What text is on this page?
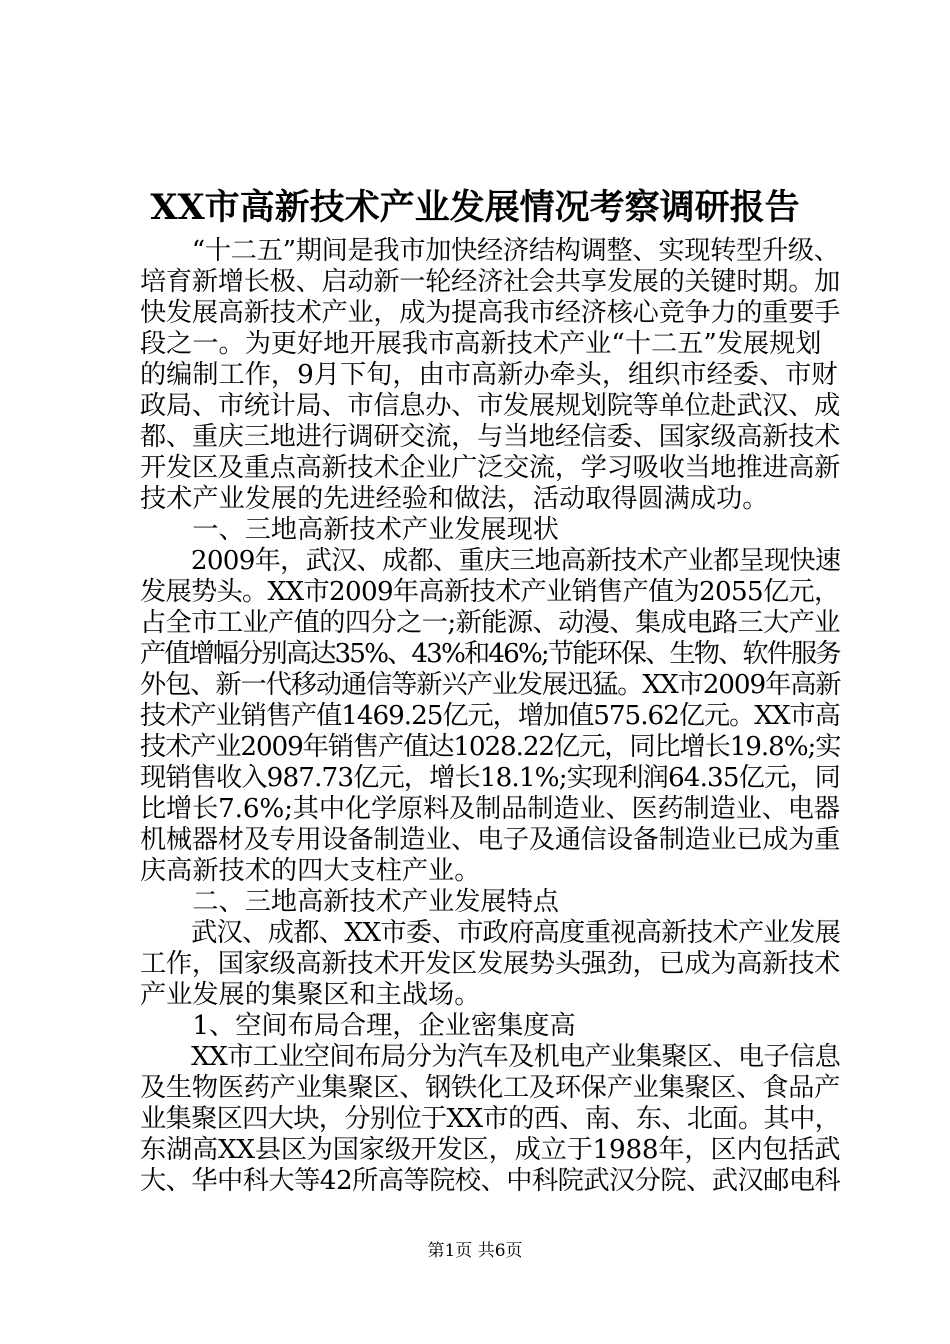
XX市高新技术产业发展情况考察调研报告
　　“十二五”期间是我市加快经济结构调整、实现转型升级、
培育新增长极、启动新一轮经济社会共享发展的关键时期。加
快发展高新技术产业，成为提高我市经济核心竞争力的重要手
段之一。为更好地开展我市高新技术产业“十二五”发展规划
的编制工作，9月下旬，由市高新办牵头，组织市经委、市财
政局、市统计局、市信息办、市发展规划院等单位赴武汉、成
都、重庆三地进行调研交流，与当地经信委、国家级高新技术
开发区及重点高新技术企业广泛交流，学习吸收当地推进高新
技术产业发展的先进经验和做法，活动取得圆满成功。
　　一、三地高新技术产业发展现状
　　2009年，武汉、成都、重庆三地高新技术产业都呈现快速
发展势头。XX市2009年高新技术产业销售产值为2055亿元，
占全市工业产值的四分之一;新能源、动漫、集成电路三大产业
产值增幅分别高达35%、43%和46%;节能环保、生物、软件服务
外包、新一代移动通信等新兴产业发展迅猛。XX市2009年高新
技术产业销售产值1469.25亿元，增加值575.62亿元。XX市高
技术产业2009年销售产值达1028.22亿元，同比增长19.8%;实
现销售收入987.73亿元，增长18.1%;实现利润64.35亿元，同
比增长7.6%;其中化学原料及制品制造业、医药制造业、电器
机械器材及专用设备制造业、电子及通信设备制造业已成为重
庆高新技术的四大支柱产业。
　　二、三地高新技术产业发展特点
　　武汉、成都、XX市委、市政府高度重视高新技术产业发展
工作，国家级高新技术开发区发展势头强劲，已成为高新技术
产业发展的集聚区和主战场。
　　1、空间布局合理，企业密集度高
　　XX市工业空间布局分为汽车及机电产业集聚区、电子信息
及生物医药产业集聚区、钢铁化工及环保产业集聚区、食品产
业集聚区四大块，分别位于XX市的西、南、东、北面。其中，
东湖高XX县区为国家级开发区，成立于1988年，区内包括武
大、华中科大等42所高等院校、中科院武汉分院、武汉邮电科
第1页 共6页
